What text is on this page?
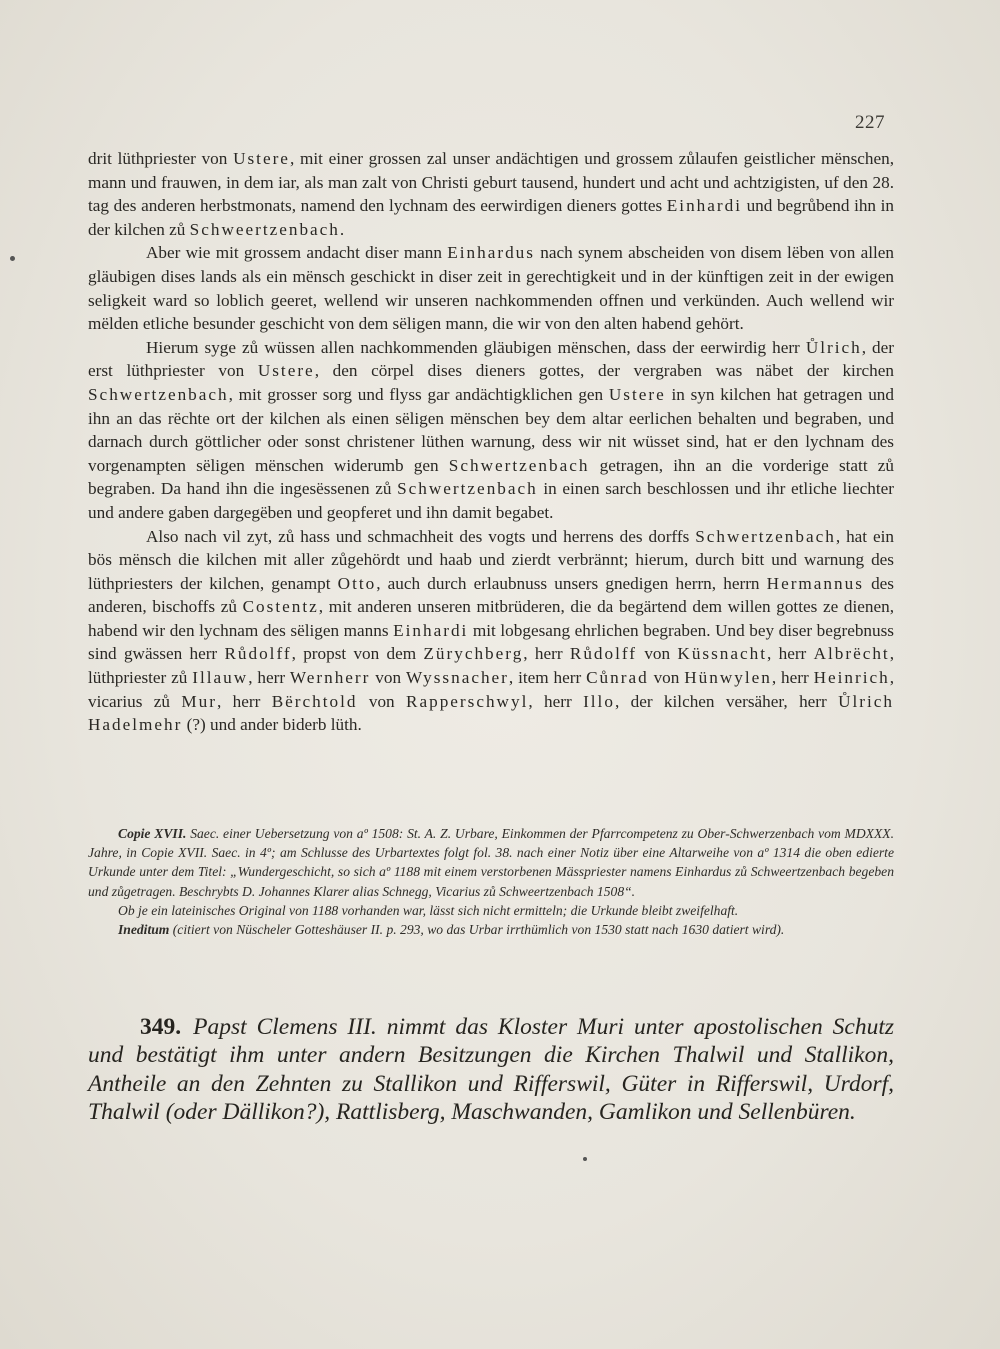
227

drit lüthpriester von Ustere, mit einer grossen zal unser andächtigen und grossem zůlaufen geistlicher mënschen, mann und frauwen, in dem iar, als man zalt von Christi geburt tausend, hundert und acht und achtzigisten, uf den 28. tag des anderen herbstmonats, namend den lychnam des eerwirdigen dieners gottes Einhardi und begrůbend ihn in der kilchen zů Schweertzenbach.

Aber wie mit grossem andacht diser mann Einhardus nach synem abscheiden von disem lëben von allen gläubigen dises lands als ein mënsch geschickt in diser zeit in gerechtigkeit und in der künftigen zeit in der ewigen seligkeit ward so loblich geeret, wellend wir unseren nachkommenden offnen und verkünden. Auch wellend wir mëlden etliche besunder geschicht von dem sëligen mann, die wir von den alten habend gehört.

Hierum syge zů wüssen allen nachkommenden gläubigen mënschen, dass der eerwirdig herr Ůlrich, der erst lüthpriester von Ustere, den cörpel dises dieners gottes, der vergraben was näbet der kirchen Schwertzenbach, mit grosser sorg und flyss gar andächtigklichen gen Ustere in syn kilchen hat getragen und ihn an das rëchte ort der kilchen als einen sëligen mënschen bey dem altar eerlichen behalten und begraben, und darnach durch göttlicher oder sonst christener lüthen warnung, dess wir nit wüsset sind, hat er den lychnam des vorgenampten sëligen mënschen widerumb gen Schwertzenbach getragen, ihn an die vorderige statt zů begraben. Da hand ihn die ingesëssenen zů Schwertzenbach in einen sarch beschlossen und ihr etliche liechter und andere gaben dargegëben und geopferet und ihn damit begabet.

Also nach vil zyt, zů hass und schmachheit des vogts und herrens des dorffs Schwertzenbach, hat ein bös mënsch die kilchen mit aller zůgehördt und haab und zierdt verbrännt; hierum, durch bitt und warnung des lüthpriesters der kilchen, genampt Otto, auch durch erlaubnuss unsers gnedigen herrn, herrn Hermannus des anderen, bischoffs zů Costentz, mit anderen unseren mitbrüderen, die da begärtend dem willen gottes ze dienen, habend wir den lychnam des sëligen manns Einhardi mit lobgesang ehrlichen begraben. Und bey diser begrebnuss sind gwässen herr Růdolff, propst von dem Zürychberg, herr Růdolff von Küssnacht, herr Albrëcht, lüthpriester zů Illauw, herr Wernherr von Wyssnacher, item herr Cůnrad von Hünwylen, herr Heinrich, vicarius zů Mur, herr Bërchtold von Rapperschwyl, herr Illo, der kilchen versäher, herr Ůlrich Hadelmehr (?) und ander biderb lüth.

Copie XVII. Saec. einer Uebersetzung von aº 1508: St. A. Z. Urbare, Einkommen der Pfarrcompetenz zu Ober-Schwerzenbach vom MDXXX. Jahre, in Copie XVII. Saec. in 4º; am Schlusse des Urbartextes folgt fol. 38. nach einer Notiz über eine Altarweihe von aº 1314 die oben edierte Urkunde unter dem Titel: „Wundergeschicht, so sich aº 1188 mit einem verstorbenen Mässpriester namens Einhardus zů Schweertzenbach begeben und zůgetragen. Beschrybts D. Johannes Klarer alias Schnegg, Vicarius zů Schweertzenbach 1508“.

Ob je ein lateinisches Original von 1188 vorhanden war, lässt sich nicht ermitteln; die Urkunde bleibt zweifelhaft.

Ineditum (citiert von Nüscheler Gotteshäuser II. p. 293, wo das Urbar irrthümlich von 1530 statt nach 1630 datiert wird).

349. Papst Clemens III. nimmt das Kloster Muri unter apostolischen Schutz und bestätigt ihm unter andern Besitzungen die Kirchen Thalwil und Stallikon, Antheile an den Zehnten zu Stallikon und Rifferswil, Güter in Rifferswil, Urdorf, Thalwil (oder Dällikon?), Rattlisberg, Maschwanden, Gamlikon und Sellenbüren.
